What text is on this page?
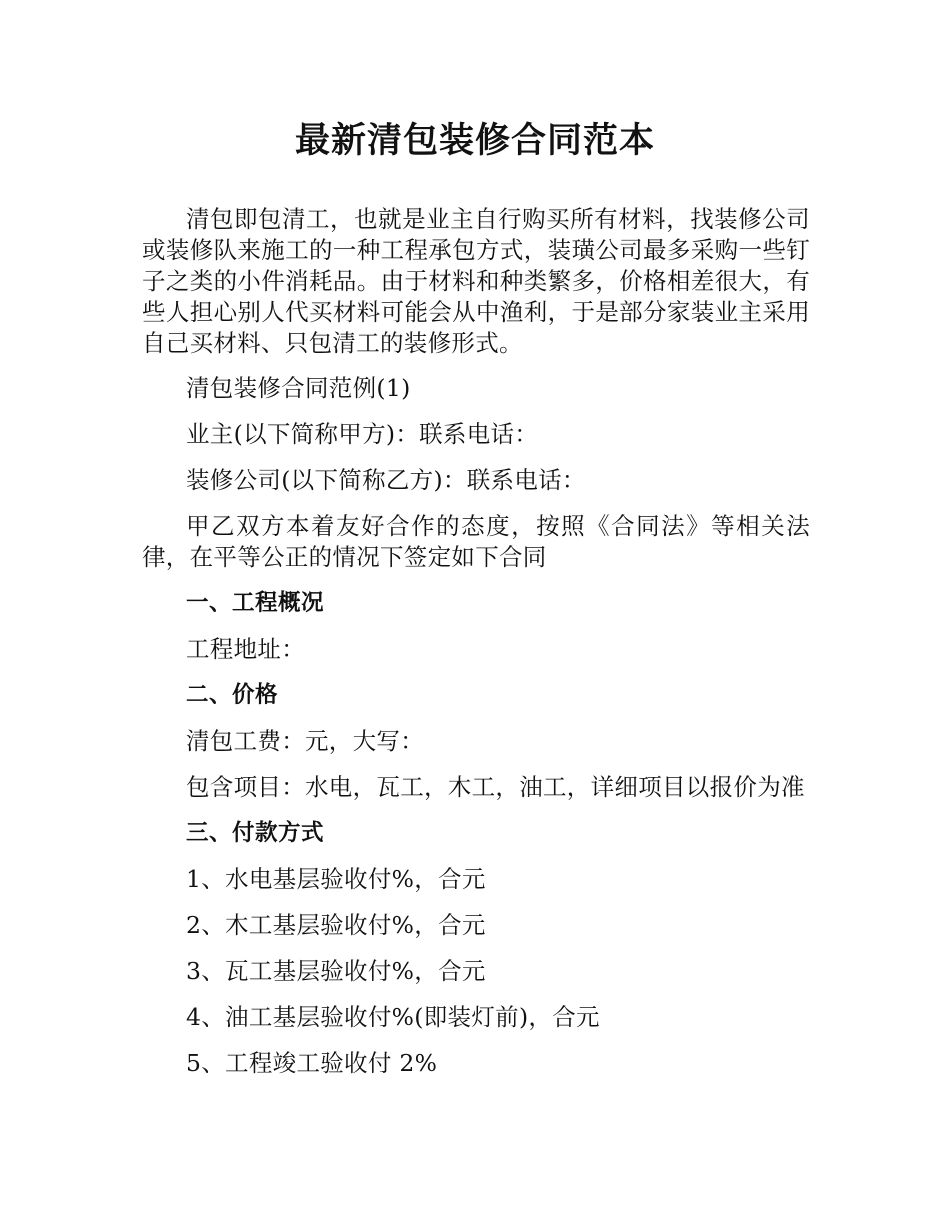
最新清包装修合同范本

清包即包清工，也就是业主自行购买所有材料，找装修公司或装修队来施工的一种工程承包方式，装璜公司最多采购一些钉子之类的小件消耗品。由于材料和种类繁多，价格相差很大，有些人担心别人代买材料可能会从中渔利，于是部分家装业主采用自己买材料、只包清工的装修形式。

清包装修合同范例(1)

业主(以下简称甲方)：联系电话：

装修公司(以下简称乙方)：联系电话：

甲乙双方本着友好合作的态度，按照《合同法》等相关法律，在平等公正的情况下签定如下合同

一、工程概况

工程地址：

二、价格

清包工费：元，大写：

包含项目：水电，瓦工，木工，油工，详细项目以报价为准

三、付款方式

1、水电基层验收付%，合元

2、木工基层验收付%，合元

3、瓦工基层验收付%，合元

4、油工基层验收付%(即装灯前)，合元

5、工程竣工验收付 2%
